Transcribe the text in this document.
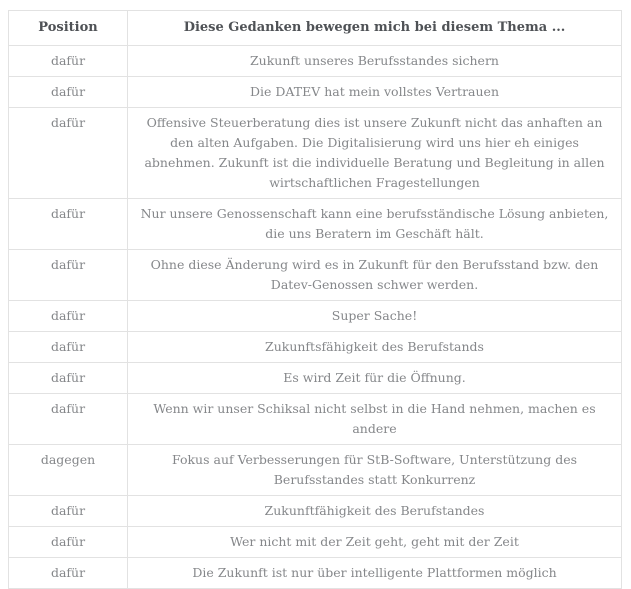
Position	Diese Gedanken bewegen mich bei diesem Thema ...
dafür	Zukunft unseres Berufsstandes sichern
dafür	Die DATEV hat mein vollstes Vertrauen
dafür	Offensive Steuerberatung dies ist unsere Zukunft nicht das anhaften an den alten Aufgaben. Die Digitalisierung wird uns hier eh einiges abnehmen. Zukunft ist die individuelle Beratung und Begleitung in allen wirtschaftlichen Fragestellungen
dafür	Nur unsere Genossenschaft kann eine berufsständische Lösung anbieten, die uns Beratern im Geschäft hält.
dafür	Ohne diese Änderung wird es in Zukunft für den Berufsstand bzw. den Datev-Genossen schwer werden.
dafür	Super Sache!
dafür	Zukunftsfähigkeit des Berufstands
dafür	Es wird Zeit für die Öffnung.
dafür	Wenn wir unser Schiksal nicht selbst in die Hand nehmen, machen es andere
dagegen	Fokus auf Verbesserungen für StB-Software, Unterstützung des Berufsstandes statt Konkurrenz
dafür	Zukunftfähigkeit des Berufstandes
dafür	Wer nicht mit der Zeit geht, geht mit der Zeit
dafür	Die Zukunft ist nur über intelligente Plattformen möglich
